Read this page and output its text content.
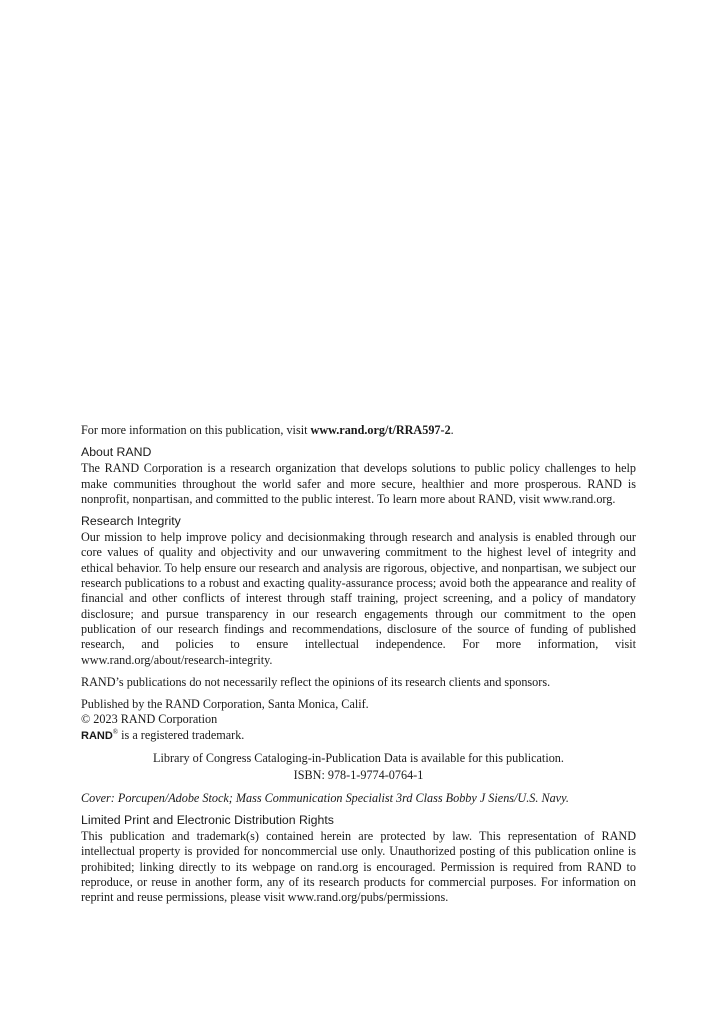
For more information on this publication, visit www.rand.org/t/RRA597-2.

About RAND

The RAND Corporation is a research organization that develops solutions to public policy challenges to help make communities throughout the world safer and more secure, healthier and more prosperous. RAND is nonprofit, nonpartisan, and committed to the public interest. To learn more about RAND, visit www.rand.org.

Research Integrity

Our mission to help improve policy and decisionmaking through research and analysis is enabled through our core values of quality and objectivity and our unwavering commitment to the highest level of integrity and ethical behavior. To help ensure our research and analysis are rigorous, objective, and nonpartisan, we subject our research publications to a robust and exacting quality-assurance process; avoid both the appearance and reality of financial and other conflicts of interest through staff training, project screening, and a policy of mandatory disclosure; and pursue transparency in our research engagements through our commitment to the open publication of our research findings and recommendations, disclosure of the source of funding of published research, and policies to ensure intellectual independence. For more information, visit www.rand.org/about/research-integrity.

RAND’s publications do not necessarily reflect the opinions of its research clients and sponsors.

Published by the RAND Corporation, Santa Monica, Calif.

© 2023 RAND Corporation

RAND® is a registered trademark.

Library of Congress Cataloging-in-Publication Data is available for this publication.

ISBN: 978-1-9774-0764-1

Cover: Porcupen/Adobe Stock; Mass Communication Specialist 3rd Class Bobby J Siens/U.S. Navy.

Limited Print and Electronic Distribution Rights

This publication and trademark(s) contained herein are protected by law. This representation of RAND intellectual property is provided for noncommercial use only. Unauthorized posting of this publication online is prohibited; linking directly to its webpage on rand.org is encouraged. Permission is required from RAND to reproduce, or reuse in another form, any of its research products for commercial purposes. For information on reprint and reuse permissions, please visit www.rand.org/pubs/permissions.
